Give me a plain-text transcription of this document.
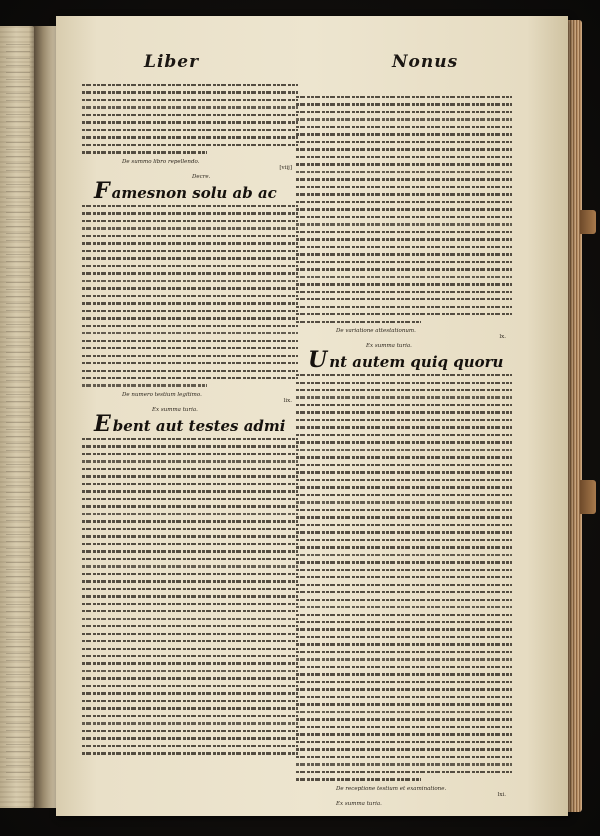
Liber	Nonus
De summo libro repellendo.
[viij]
Decre.
F amesnon solu ab ac
De numero testium legitimo.
lix.
Ex summa turia.
E bent aut testes admi
De variatione attestationum.
lx.
Ex summa turia.
U nt autem quiq quoru
De receptione testium et examinatione.
lxi.
Ex summa turia.
